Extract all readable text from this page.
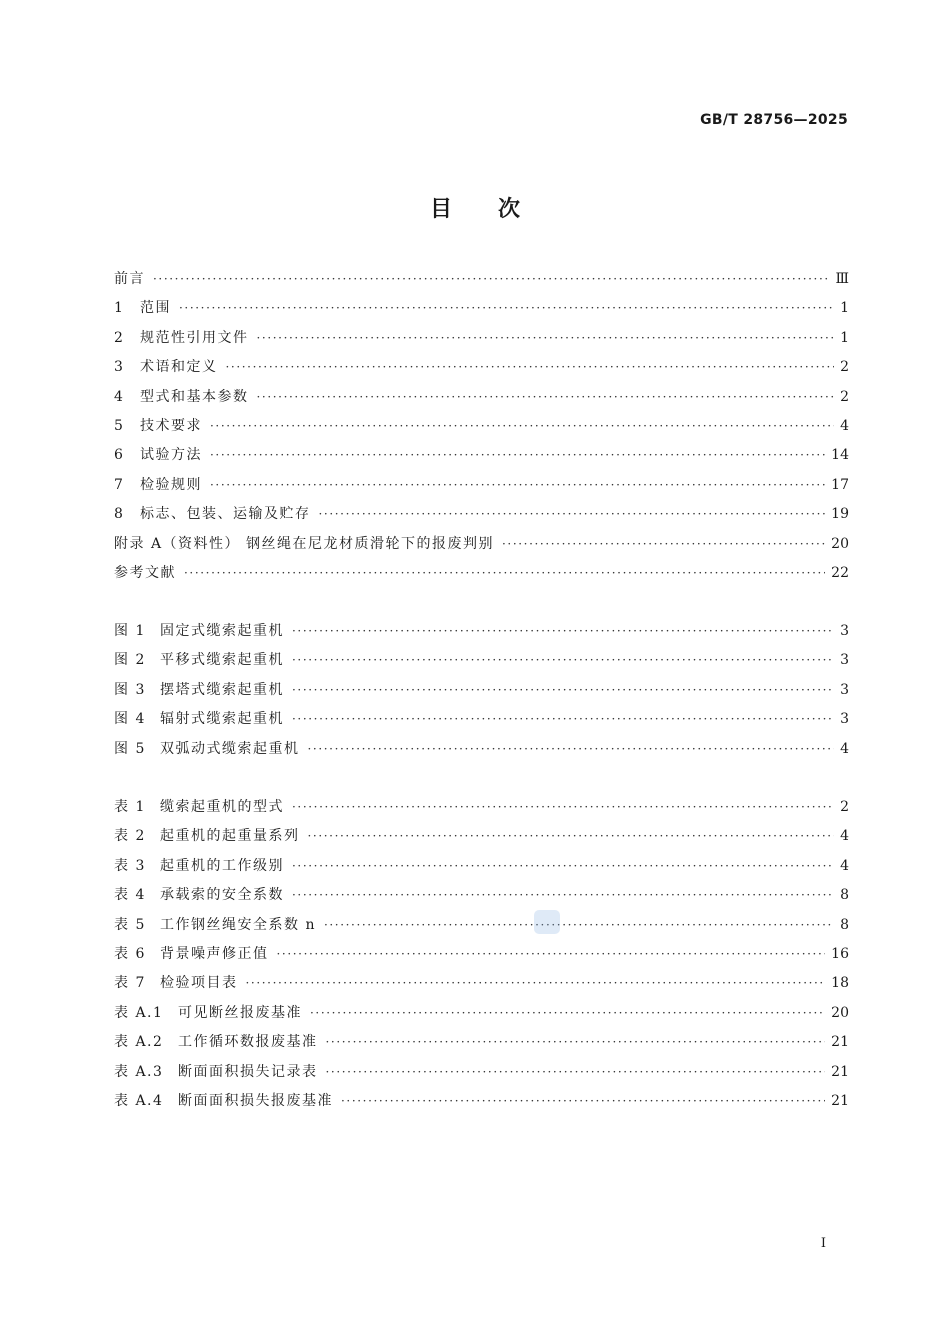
GB/T 28756—2025
目次
前言 ·····	Ⅲ
1 范围 ·····	1
2 规范性引用文件 ·····	1
3 术语和定义 ·····	2
4 型式和基本参数 ·····	2
5 技术要求 ·····	4
6 试验方法 ·····	14
7 检验规则 ·····	17
8 标志、包装、运输及贮存 ·····	19
附录 A（资料性） 钢丝绳在尼龙材质滑轮下的报废判别 ·····	20
参考文献 ·····	22
图 1 固定式缆索起重机 ·····	3
图 2 平移式缆索起重机 ·····	3
图 3 摆塔式缆索起重机 ·····	3
图 4 辐射式缆索起重机 ·····	3
图 5 双弧动式缆索起重机 ·····	4
表 1 缆索起重机的型式 ·····	2
表 2 起重机的起重量系列 ·····	4
表 3 起重机的工作级别 ·····	4
表 4 承载索的安全系数 ·····	8
表 5 工作钢丝绳安全系数 n ·····	8
表 6 背景噪声修正值 ·····	16
表 7 检验项目表 ·····	18
表 A.1 可见断丝报废基准 ·····	20
表 A.2 工作循环数报废基准 ·····	21
表 A.3 断面面积损失记录表 ·····	21
表 A.4 断面面积损失报废基准 ·····	21
I
